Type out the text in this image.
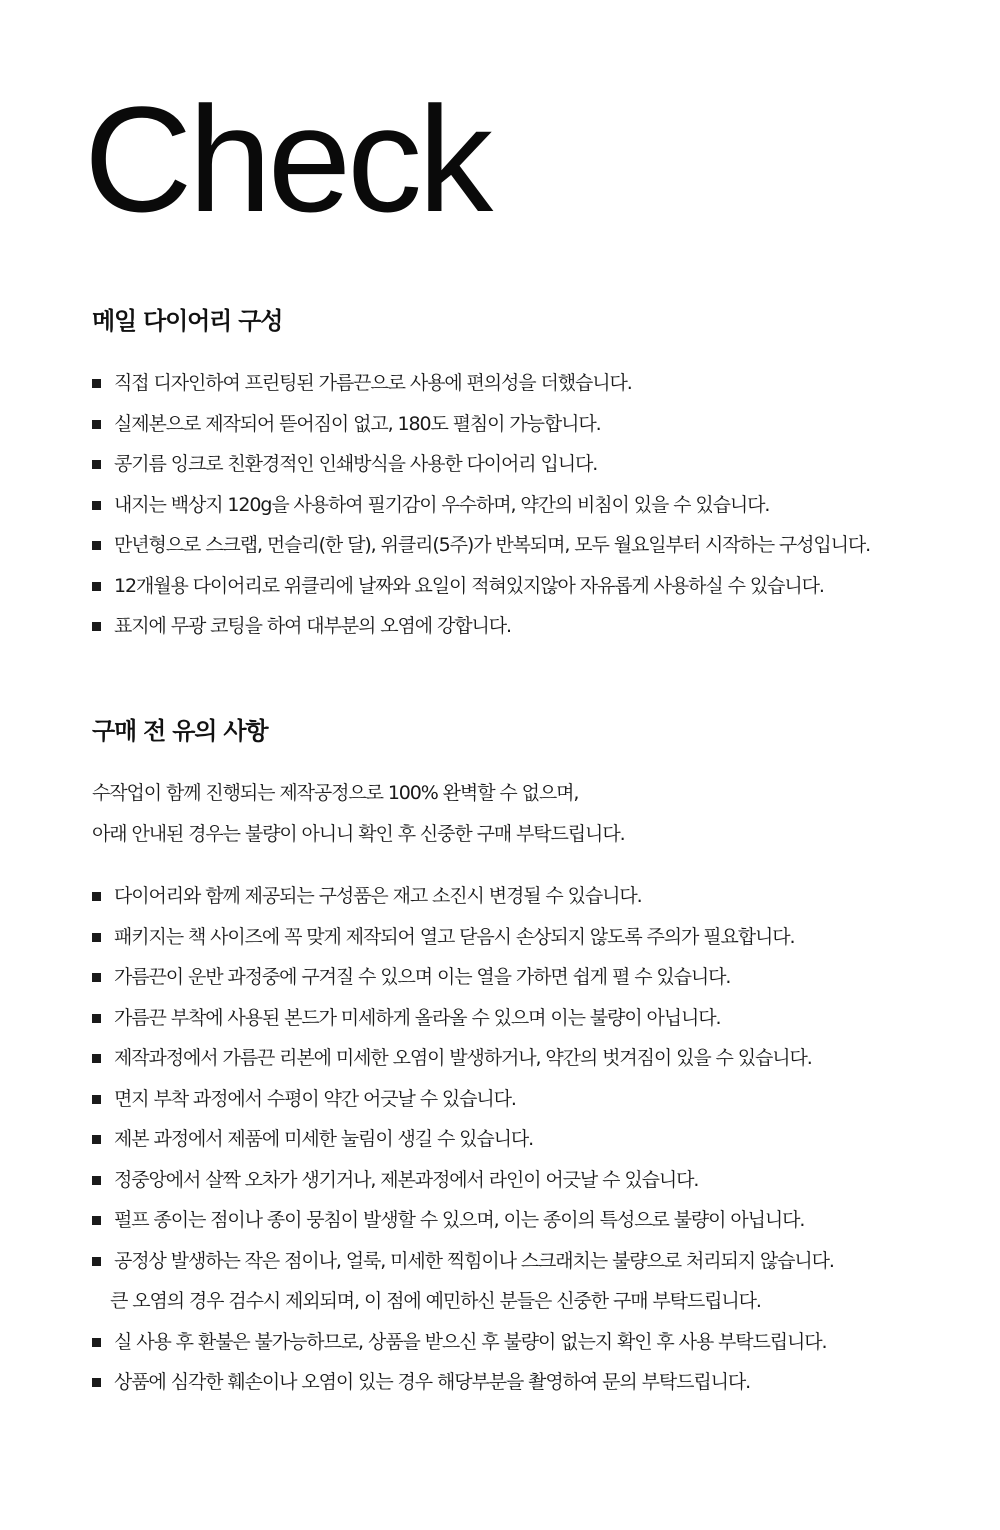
Check
메일 다이어리 구성
직접 디자인하여 프린팅된 가름끈으로 사용에 편의성을 더했습니다.
실제본으로 제작되어 뜯어짐이 없고, 180도 펼침이 가능합니다.
콩기름 잉크로 친환경적인 인쇄방식을 사용한 다이어리 입니다.
내지는 백상지 120g을 사용하여 필기감이 우수하며, 약간의 비침이 있을 수 있습니다.
만년형으로 스크랩, 먼슬리(한 달), 위클리(5주)가 반복되며, 모두 월요일부터 시작하는 구성입니다.
12개월용 다이어리로 위클리에 날짜와 요일이 적혀있지않아 자유롭게 사용하실 수 있습니다.
표지에 무광 코팅을 하여 대부분의 오염에 강합니다.
구매 전 유의 사항

수작업이 함께 진행되는 제작공정으로 100% 완벽할 수 없으며,

아래 안내된 경우는 불량이 아니니 확인 후 신중한 구매 부탁드립니다.

다이어리와 함께 제공되는 구성품은 재고 소진시 변경될 수 있습니다.
패키지는 책 사이즈에 꼭 맞게 제작되어 열고 닫음시 손상되지 않도록 주의가 필요합니다.
가름끈이 운반 과정중에 구겨질 수 있으며 이는 열을 가하면 쉽게 펼 수 있습니다.
가름끈 부착에 사용된 본드가 미세하게 올라올 수 있으며 이는 불량이 아닙니다.
제작과정에서 가름끈 리본에 미세한 오염이 발생하거나, 약간의 벗겨짐이 있을 수 있습니다.
면지 부착 과정에서 수평이 약간 어긋날 수 있습니다.
제본 과정에서 제품에 미세한 눌림이 생길 수 있습니다.
정중앙에서 살짝 오차가 생기거나, 제본과정에서 라인이 어긋날 수 있습니다.
펄프 종이는 점이나 종이 뭉침이 발생할 수 있으며, 이는 종이의 특성으로 불량이 아닙니다.
공정상 발생하는 작은 점이나, 얼룩, 미세한 찍힘이나 스크래치는 불량으로 처리되지 않습니다.
큰 오염의 경우 검수시 제외되며, 이 점에 예민하신 분들은 신중한 구매 부탁드립니다.
실 사용 후 환불은 불가능하므로, 상품을 받으신 후 불량이 없는지 확인 후 사용 부탁드립니다.
상품에 심각한 훼손이나 오염이 있는 경우 해당부분을 촬영하여 문의 부탁드립니다.
